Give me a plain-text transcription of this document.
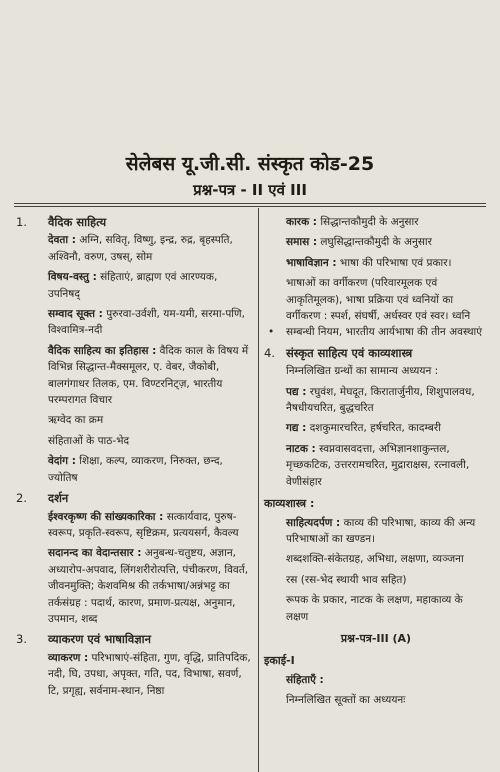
सेलेबस यू.जी.सी. संस्कृत कोड-25
प्रश्न-पत्र - II एवं III
1. वैदिक साहित्य

देवता : अग्नि, सवितृ, विष्णु, इन्द्र, रुद्र, बृहस्पति, अश्विनौ, वरुण, उषस्, सोम

विषय-वस्तु : संहिताएं, ब्राह्मण एवं आरण्यक, उपनिषद्

सम्वाद सूक्त : पुरुरवा-उर्वशी, यम-यमी, सरमा-पणि, विश्वामित्र-नदी

वैदिक साहित्य का इतिहास : वैदिक काल के विषय में विभिन्न सिद्धान्त-मैक्समूलर, ए. वेबर, जैकोबी, बालगंगाधर तिलक, एम. विण्टरनिट्ज़, भारतीय परम्परागत विचार

ऋग्वेद का क्रम

संहिताओं के पाठ-भेद

वेदांग : शिक्षा, कल्प, व्याकरण, निरुक्त, छन्द, ज्योतिष

2. दर्शन

ईश्वरकृष्ण की सांख्यकारिका : सत्कार्यवाद, पुरुष-स्वरूप, प्रकृति-स्वरूप, सृष्टिक्रम, प्रत्ययसर्ग, कैवल्य

सदानन्द का वेदान्तसार : अनुबन्ध-चतुष्टय, अज्ञान, अध्यारोप-अपवाद, लिंगशरीरोत्पत्ति, पंचीकरण, विवर्त, जीवनमुक्ति; केशवमिश्र की तर्कभाषा/अन्नंभट्ट का तर्कसंग्रह : पदार्थ, कारण, प्रमाण-प्रत्यक्ष, अनुमान, उपमान, शब्द

3. व्याकरण एवं भाषाविज्ञान

व्याकरण : परिभाषाएं-संहिता, गुण, वृद्धि, प्रातिपदिक, नदी, घि, उपधा, अपृक्त, गति, पद, विभाषा, सवर्ण, टि, प्रगृह्य, सर्वनाम-स्थान, निष्ठा

कारक : सिद्धान्तकौमुदी के अनुसार

समास : लघुसिद्धान्तकौमुदी के अनुसार

भाषाविज्ञान : भाषा की परिभाषा एवं प्रकार।

भाषाओं का वर्गीकरण (परिवारमूलक एवं आकृतिमूलक), भाषा प्रक्रिया एवं ध्वनियों का वर्गीकरण : स्पर्श, संघर्षी, अर्धस्वर एवं स्वर। ध्वनि

• सम्बन्धी नियम, भारतीय आर्यभाषा की तीन अवस्थाएं

4. संस्कृत साहित्य एवं काव्यशास्त्र

निम्नलिखित ग्रन्थों का सामान्य अध्ययन :

पद्य : रघुवंश, मेघदूत, किरातार्जुनीय, शिशुपालवध, नैषधीयचरित, बुद्धचरित

गद्य : दशकुमारचरित, हर्षचरित, कादम्बरी

नाटक : स्वप्नवासवदत्ता, अभिज्ञानशाकुन्तल, मृच्छकटिक, उत्तररामचरित, मुद्राराक्षस, रत्नावली, वेणीसंहार

काव्यशास्त्र :

साहित्यदर्पण : काव्य की परिभाषा, काव्य की अन्य परिभाषाओं का खण्डन।

शब्दशक्ति-संकेतग्रह, अभिधा, लक्षणा, व्यञ्जना

रस (रस-भेद स्थायी भाव सहित)

रूपक के प्रकार, नाटक के लक्षण, महाकाव्य के लक्षण

प्रश्न-पत्र-III (A)
इकाई-I

संहिताएँ :

निम्नलिखित सूक्तों का अध्ययनः
